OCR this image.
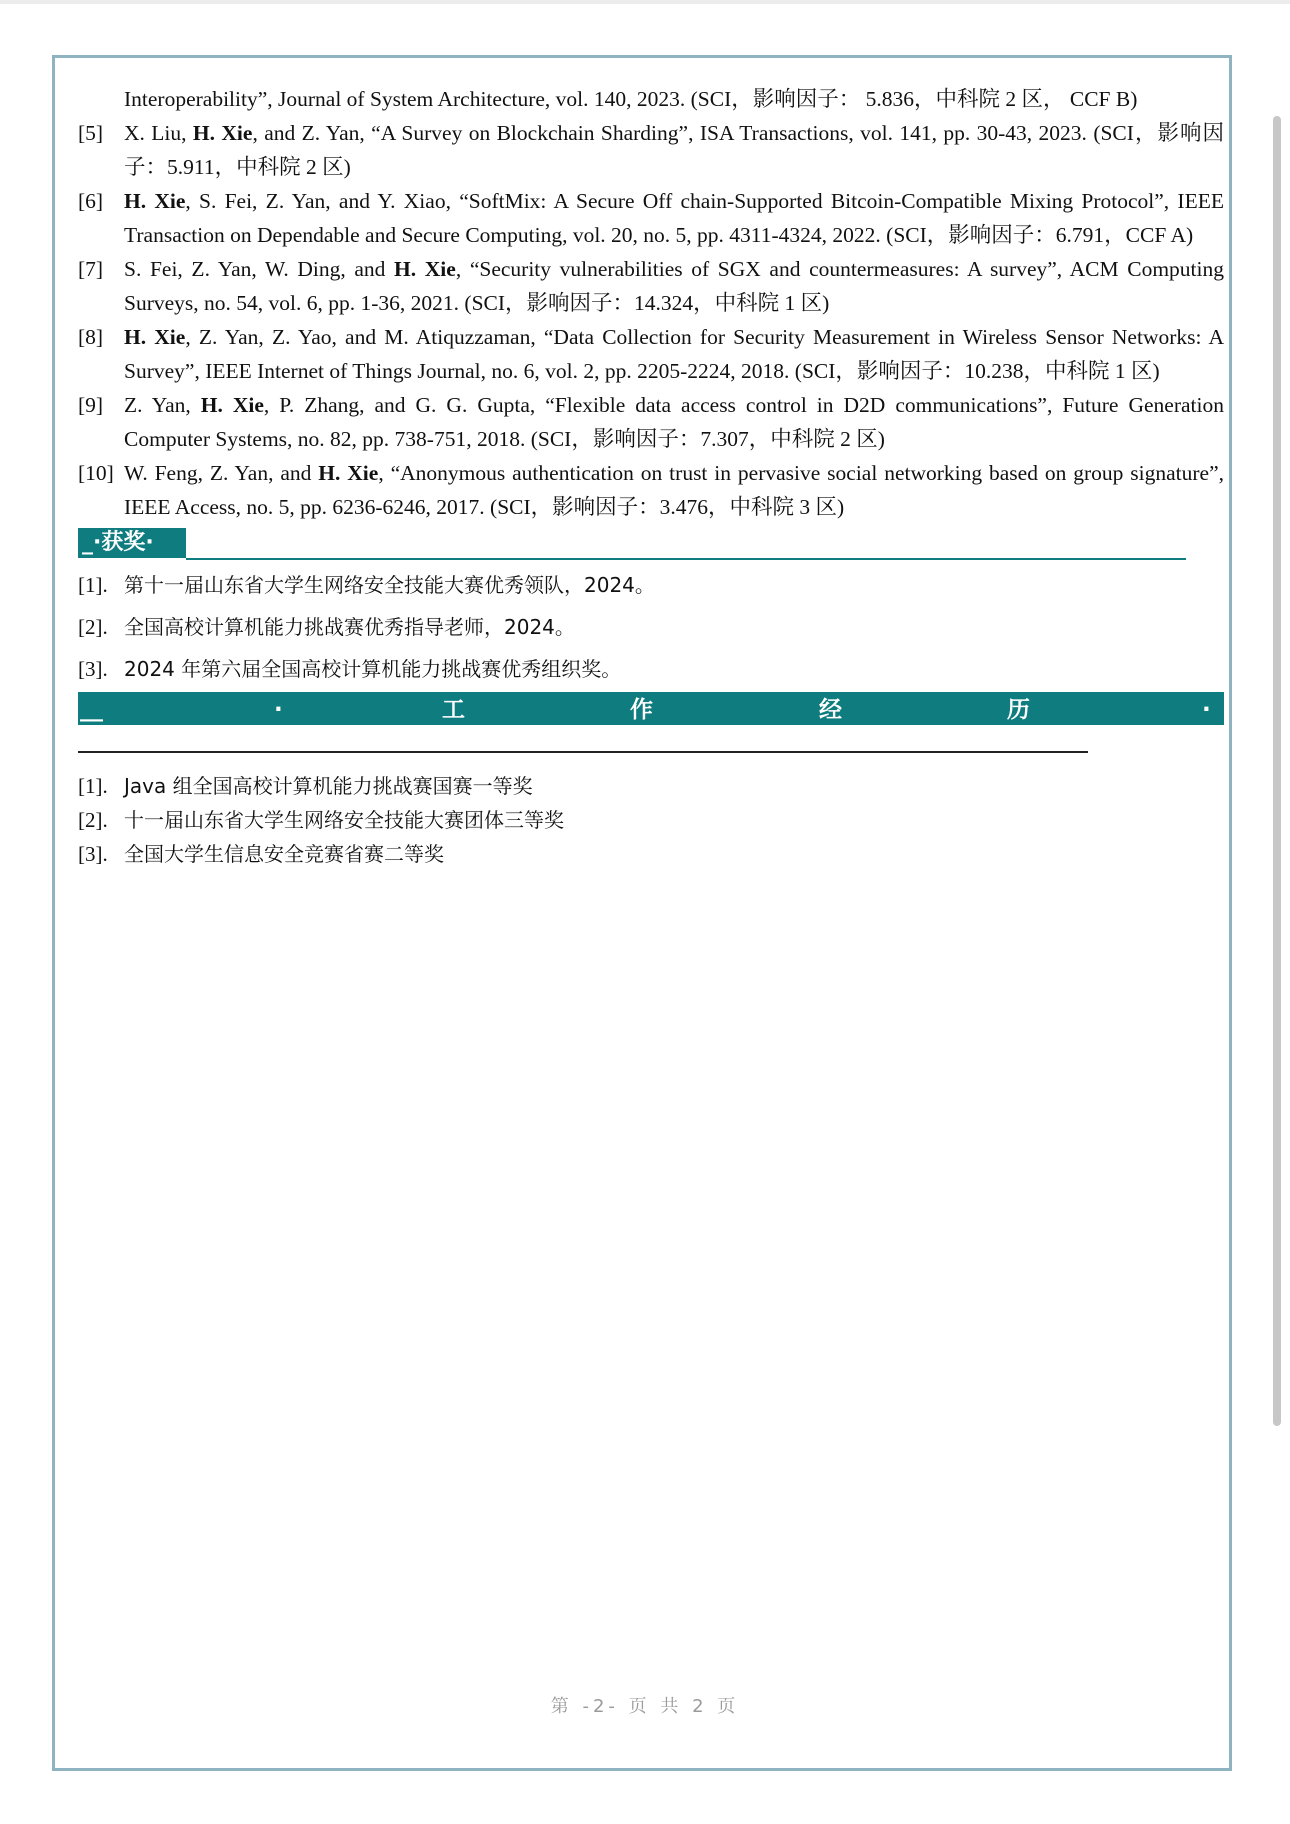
Interoperability”, Journal of System Architecture, vol. 140, 2023. (SCI，影响因子： 5.836，中科院 2 区， CCF B)
[5] X. Liu, H. Xie, and Z. Yan, “A Survey on Blockchain Sharding”, ISA Transactions, vol. 141, pp. 30-43, 2023. (SCI，影响因子：5.911，中科院 2 区)
[6] H. Xie, S. Fei, Z. Yan, and Y. Xiao, “SoftMix: A Secure Off chain-Supported Bitcoin-Compatible Mixing Protocol”, IEEE Transaction on Dependable and Secure Computing, vol. 20, no. 5, pp. 4311-4324, 2022. (SCI，影响因子：6.791，CCF A)
[7] S. Fei, Z. Yan, W. Ding, and H. Xie, “Security vulnerabilities of SGX and countermeasures: A survey”, ACM Computing Surveys, no. 54, vol. 6, pp. 1-36, 2021. (SCI，影响因子：14.324，中科院 1 区)
[8] H. Xie, Z. Yan, Z. Yao, and M. Atiquzzaman, “Data Collection for Security Measurement in Wireless Sensor Networks: A Survey”, IEEE Internet of Things Journal, no. 6, vol. 2, pp. 2205-2224, 2018. (SCI，影响因子：10.238，中科院 1 区)
[9] Z. Yan, H. Xie, P. Zhang, and G. G. Gupta, “Flexible data access control in D2D communications”, Future Generation Computer Systems, no. 82, pp. 738-751, 2018. (SCI，影响因子：7.307，中科院 2 区)
[10] W. Feng, Z. Yan, and H. Xie, “Anonymous authentication on trust in pervasive social networking based on group signature”, IEEE Access, no. 5, pp. 6236-6246, 2017. (SCI，影响因子：3.476，中科院 3 区)
_·获奖·
[1]. 第十一届山东省大学生网络安全技能大赛优秀领队，2024。
[2]. 全国高校计算机能力挑战赛优秀指导老师，2024。
[3]. 2024 年第六届全国高校计算机能力挑战赛优秀组织奖。
__	·	工	作	经	历	·
[1]. Java 组全国高校计算机能力挑战赛国赛一等奖
[2]. 十一届山东省大学生网络安全技能大赛团体三等奖
[3]. 全国大学生信息安全竞赛省赛二等奖
第 -2- 页 共 2 页
